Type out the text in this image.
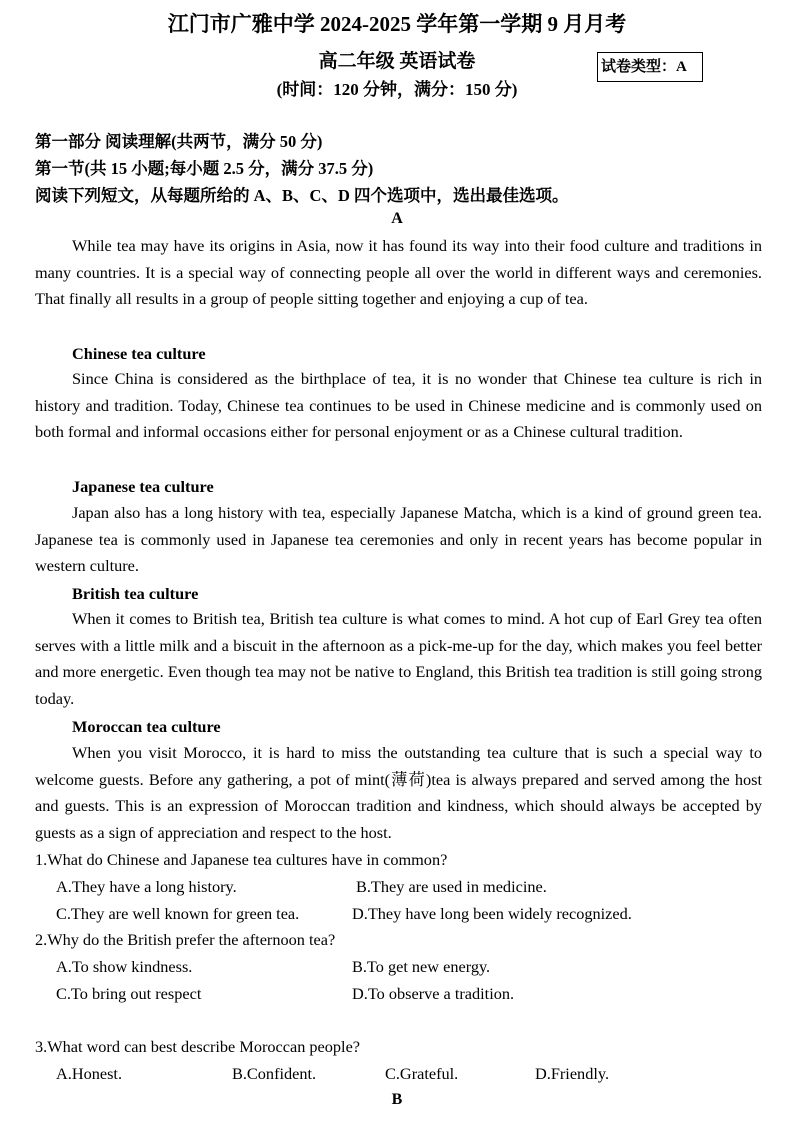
江门市广雅中学 2024-2025 学年第一学期 9 月月考
高二年级 英语试卷
(时间：120 分钟，满分：150 分)
试卷类型：A
第一部分 阅读理解(共两节，满分 50 分)
第一节(共 15 小题;每小题 2.5 分，满分 37.5 分)
阅读下列短文，从每题所给的 A、B、C、D 四个选项中，选出最佳选项。
A

While tea may have its origins in Asia, now it has found its way into their food culture and traditions in many countries. It is a special way of connecting people all over the world in different ways and ceremonies. That finally all results in a group of people sitting together and enjoying a cup of tea.

Chinese tea culture

Since China is considered as the birthplace of tea, it is no wonder that Chinese tea culture is rich in history and tradition. Today, Chinese tea continues to be used in Chinese medicine and is commonly used on both formal and informal occasions either for personal enjoyment or as a Chinese cultural tradition.

Japanese tea culture

Japan also has a long history with tea, especially Japanese Matcha, which is a kind of ground green tea. Japanese tea is commonly used in Japanese tea ceremonies and only in recent years has become popular in western culture.

British tea culture

When it comes to British tea, British tea culture is what comes to mind. A hot cup of Earl Grey tea often serves with a little milk and a biscuit in the afternoon as a pick-me-up for the day, which makes you feel better and more energetic. Even though tea may not be native to England, this British tea tradition is still going strong today.

Moroccan tea culture

When you visit Morocco, it is hard to miss the outstanding tea culture that is such a special way to welcome guests. Before any gathering, a pot of mint(薄荷)tea is always prepared and served among the host and guests. This is an expression of Moroccan tradition and kindness, which should always be accepted by guests as a sign of appreciation and respect to the host.

1.What do Chinese and Japanese tea cultures have in common?
A.They have a long history.	B.They are used in medicine.
C.They are well known for green tea.	D.They have long been widely recognized.
2.Why do the British prefer the afternoon tea?
A.To show kindness.	B.To get new energy.
C.To bring out respect	D.To observe a tradition.
3.What word can best describe Moroccan people?
A.Honest.	B.Confident.	C.Grateful.	D.Friendly.
B
